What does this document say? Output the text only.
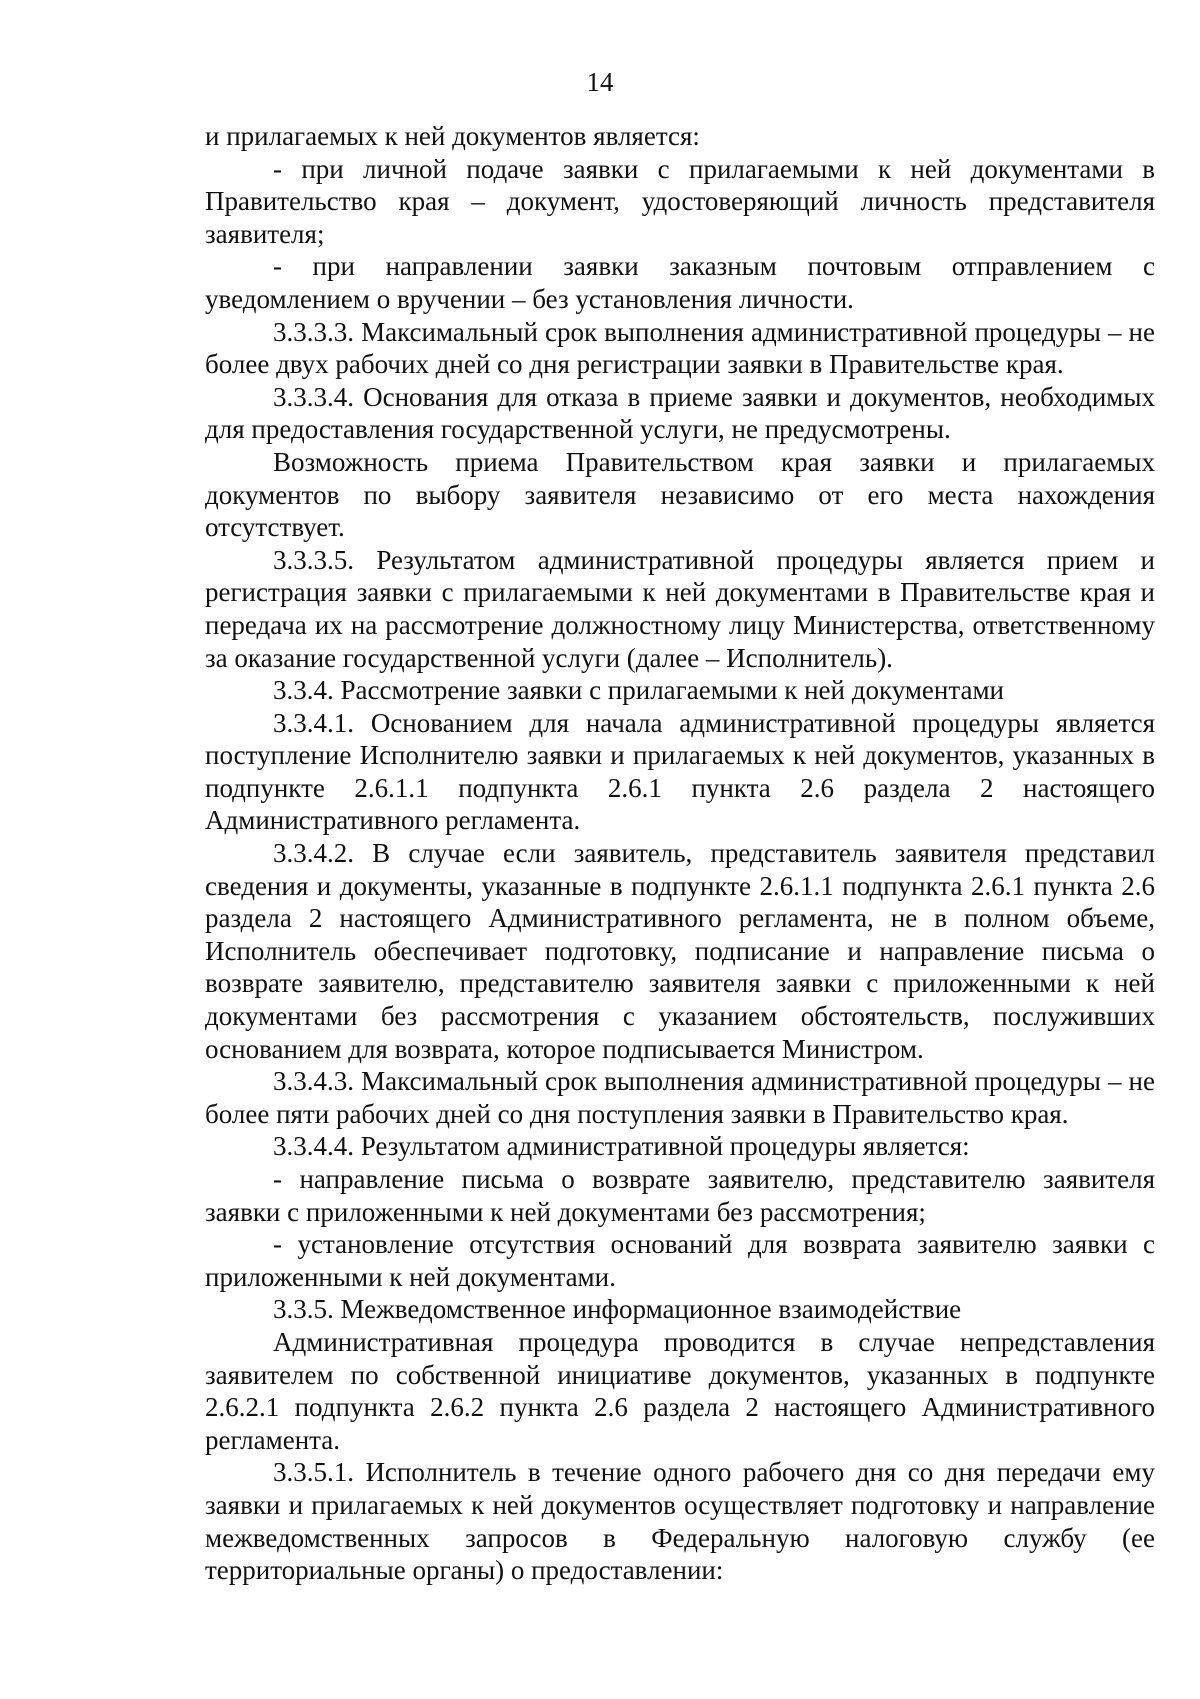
14

и прилагаемых к ней документов является:

- при личной подаче заявки с прилагаемыми к ней документами в Правительство края – документ, удостоверяющий личность представителя заявителя;

- при направлении заявки заказным почтовым отправлением с уведомлением о вручении – без установления личности.

3.3.3.3. Максимальный срок выполнения административной процедуры – не более двух рабочих дней со дня регистрации заявки в Правительстве края.

3.3.3.4. Основания для отказа в приеме заявки и документов, необходимых для предоставления государственной услуги, не предусмотрены.

Возможность приема Правительством края заявки и прилагаемых документов по выбору заявителя независимо от его места нахождения отсутствует.

3.3.3.5. Результатом административной процедуры является прием и регистрация заявки с прилагаемыми к ней документами в Правительстве края и передача их на рассмотрение должностному лицу Министерства, ответственному за оказание государственной услуги (далее – Исполнитель).

3.3.4. Рассмотрение заявки с прилагаемыми к ней документами

3.3.4.1. Основанием для начала административной процедуры является поступление Исполнителю заявки и прилагаемых к ней документов, указанных в подпункте 2.6.1.1 подпункта 2.6.1 пункта 2.6 раздела 2 настоящего Административного регламента.

3.3.4.2. В случае если заявитель, представитель заявителя представил сведения и документы, указанные в подпункте 2.6.1.1 подпункта 2.6.1 пункта 2.6 раздела 2 настоящего Административного регламента, не в полном объеме, Исполнитель обеспечивает подготовку, подписание и направление письма о возврате заявителю, представителю заявителя заявки с приложенными к ней документами без рассмотрения с указанием обстоятельств, послуживших основанием для возврата, которое подписывается Министром.

3.3.4.3. Максимальный срок выполнения административной процедуры – не более пяти рабочих дней со дня поступления заявки в Правительство края.

3.3.4.4. Результатом административной процедуры является:

- направление письма о возврате заявителю, представителю заявителя заявки с приложенными к ней документами без рассмотрения;

- установление отсутствия оснований для возврата заявителю заявки с приложенными к ней документами.

3.3.5. Межведомственное информационное взаимодействие

Административная процедура проводится в случае непредставления заявителем по собственной инициативе документов, указанных в подпункте 2.6.2.1 подпункта 2.6.2 пункта 2.6 раздела 2 настоящего Административного регламента.

3.3.5.1. Исполнитель в течение одного рабочего дня со дня передачи ему заявки и прилагаемых к ней документов осуществляет подготовку и направление межведомственных запросов в Федеральную налоговую службу (ее территориальные органы) о предоставлении:
